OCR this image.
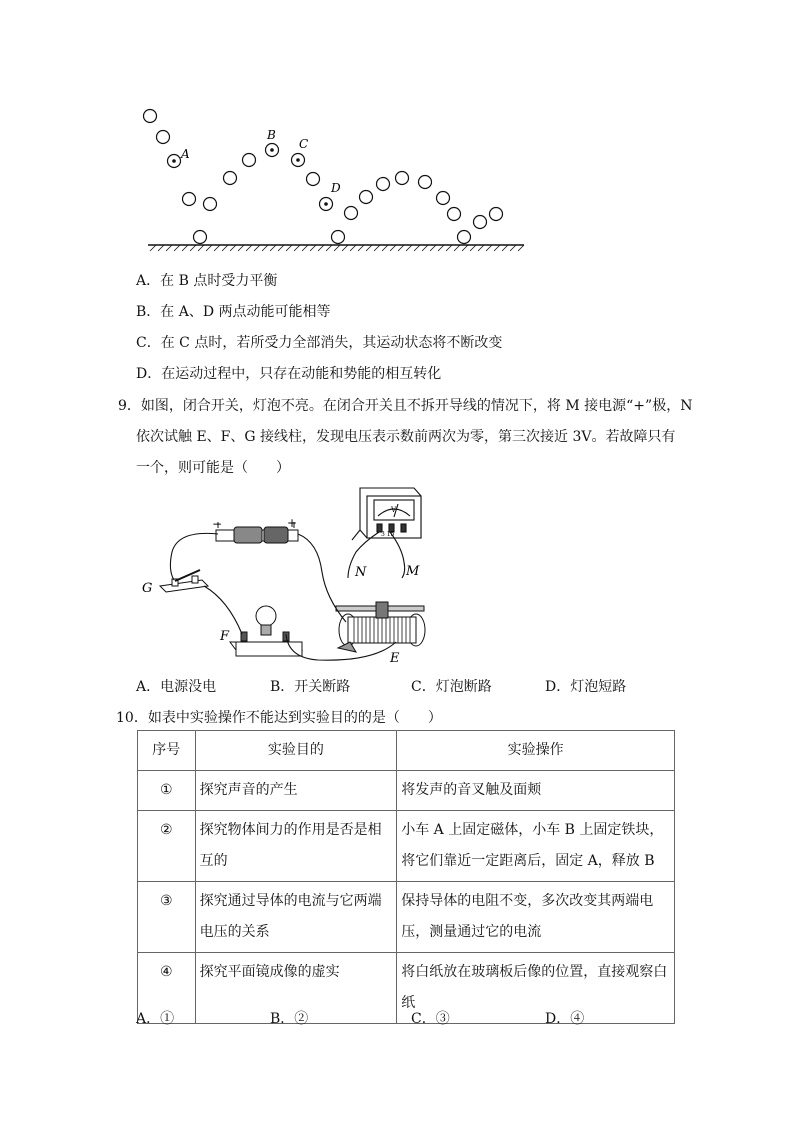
A
B
C
D
A．在 B 点时受力平衡
B．在 A、D 两点动能可能相等
C．在 C 点时，若所受力全部消失，其运动状态将不断改变
D．在运动过程中，只存在动能和势能的相互转化
9．如图，闭合开关，灯泡不亮。在闭合开关且不拆开导线的情况下，将 M 接电源“+”极，N
依次试触 E、F、G 接线柱，发现电压表示数前两次为零，第三次接近 3V。若故障只有
一个，则可能是（　　）
V
3 15
N	M
−	+
G
F
E
A．电源没电	B．开关断路	C．灯泡断路	D．灯泡短路
10．如表中实验操作不能达到实验目的的是（　　）
序号	实验目的	实验操作
①	探究声音的产生	将发声的音叉触及面颊
②	探究物体间力的作用是否是相互的	小车 A 上固定磁体，小车 B 上固定铁块，将它们靠近一定距离后，固定 A，释放 B
③	探究通过导体的电流与它两端电压的关系	保持导体的电阻不变，多次改变其两端电压，测量通过它的电流
④	探究平面镜成像的虚实	将白纸放在玻璃板后像的位置，直接观察白纸
A．①	B．②	C．③	D．④
